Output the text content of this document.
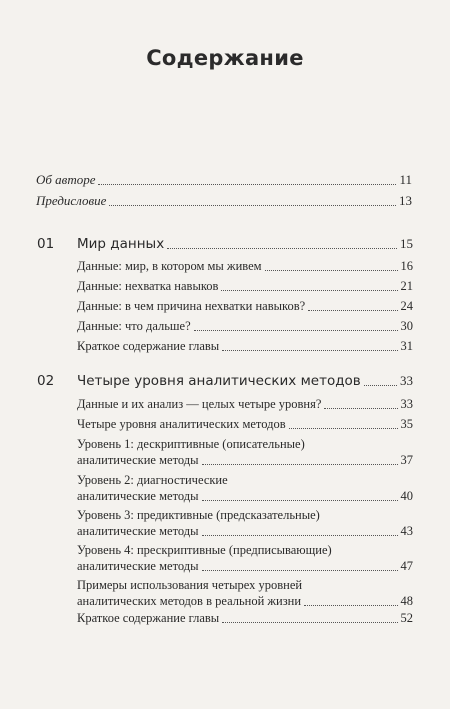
Содержание
Об авторе	11
Предисловие	13
01 Мир данных	15
Данные: мир, в котором мы живем	16
Данные: нехватка навыков	21
Данные: в чем причина нехватки навыков?	24
Данные: что дальше?	30
Краткое содержание главы	31
02 Четыре уровня аналитических методов	33
Данные и их анализ — целых четыре уровня?	33
Четыре уровня аналитических методов	35
Уровень 1: дескриптивные (описательные)
аналитические методы	37
Уровень 2: диагностические
аналитические методы	40
Уровень 3: предиктивные (предсказательные)
аналитические методы	43
Уровень 4: прескриптивные (предписывающие)
аналитические методы	47
Примеры использования четырех уровней
аналитических методов в реальной жизни	48
Краткое содержание главы	52
